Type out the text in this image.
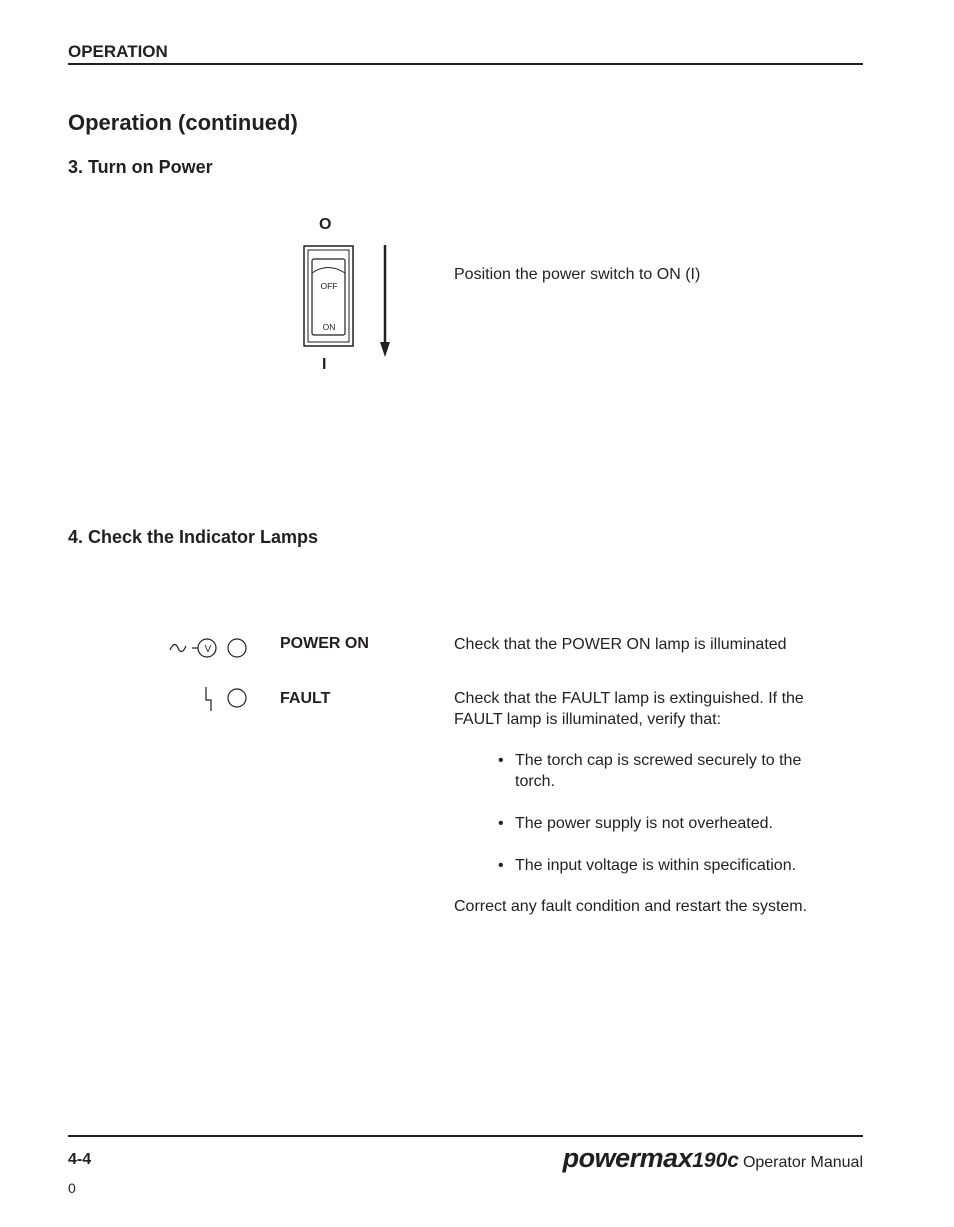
OPERATION
Operation (continued)
3. Turn on Power
O
OFF
ON
I
Position the power switch to ON (I)
4. Check the Indicator Lamps
V	POWER ON	Check that the POWER ON lamp is illuminated
FAULT	Check that the FAULT lamp is extinguished. If the
FAULT lamp is illuminated, verify that:
• The torch cap is screwed securely to the torch.
• The power supply is not overheated.
• The input voltage is within specification.
Correct any fault condition and restart the system.
4-4
0
powermax190c Operator Manual
